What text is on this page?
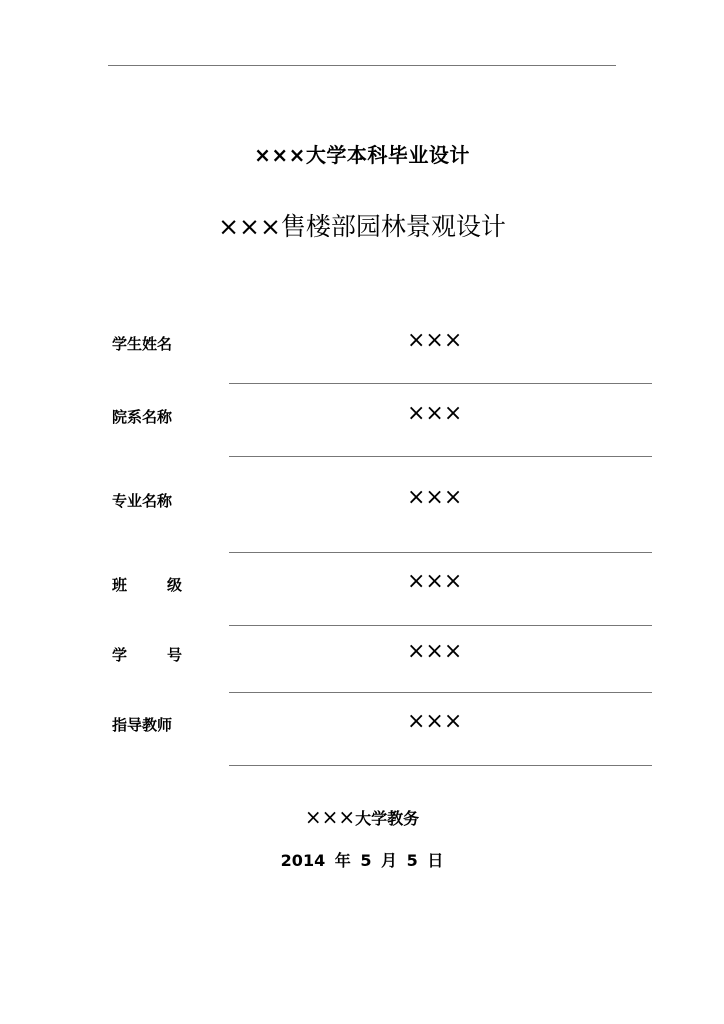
×××大学本科毕业设计
×××售楼部园林景观设计
学生姓名	×××
院系名称	×××
专业名称	×××
班级	×××
学号	×××
指导教师	×××
×××大学教务
2014 年 5 月 5 日
